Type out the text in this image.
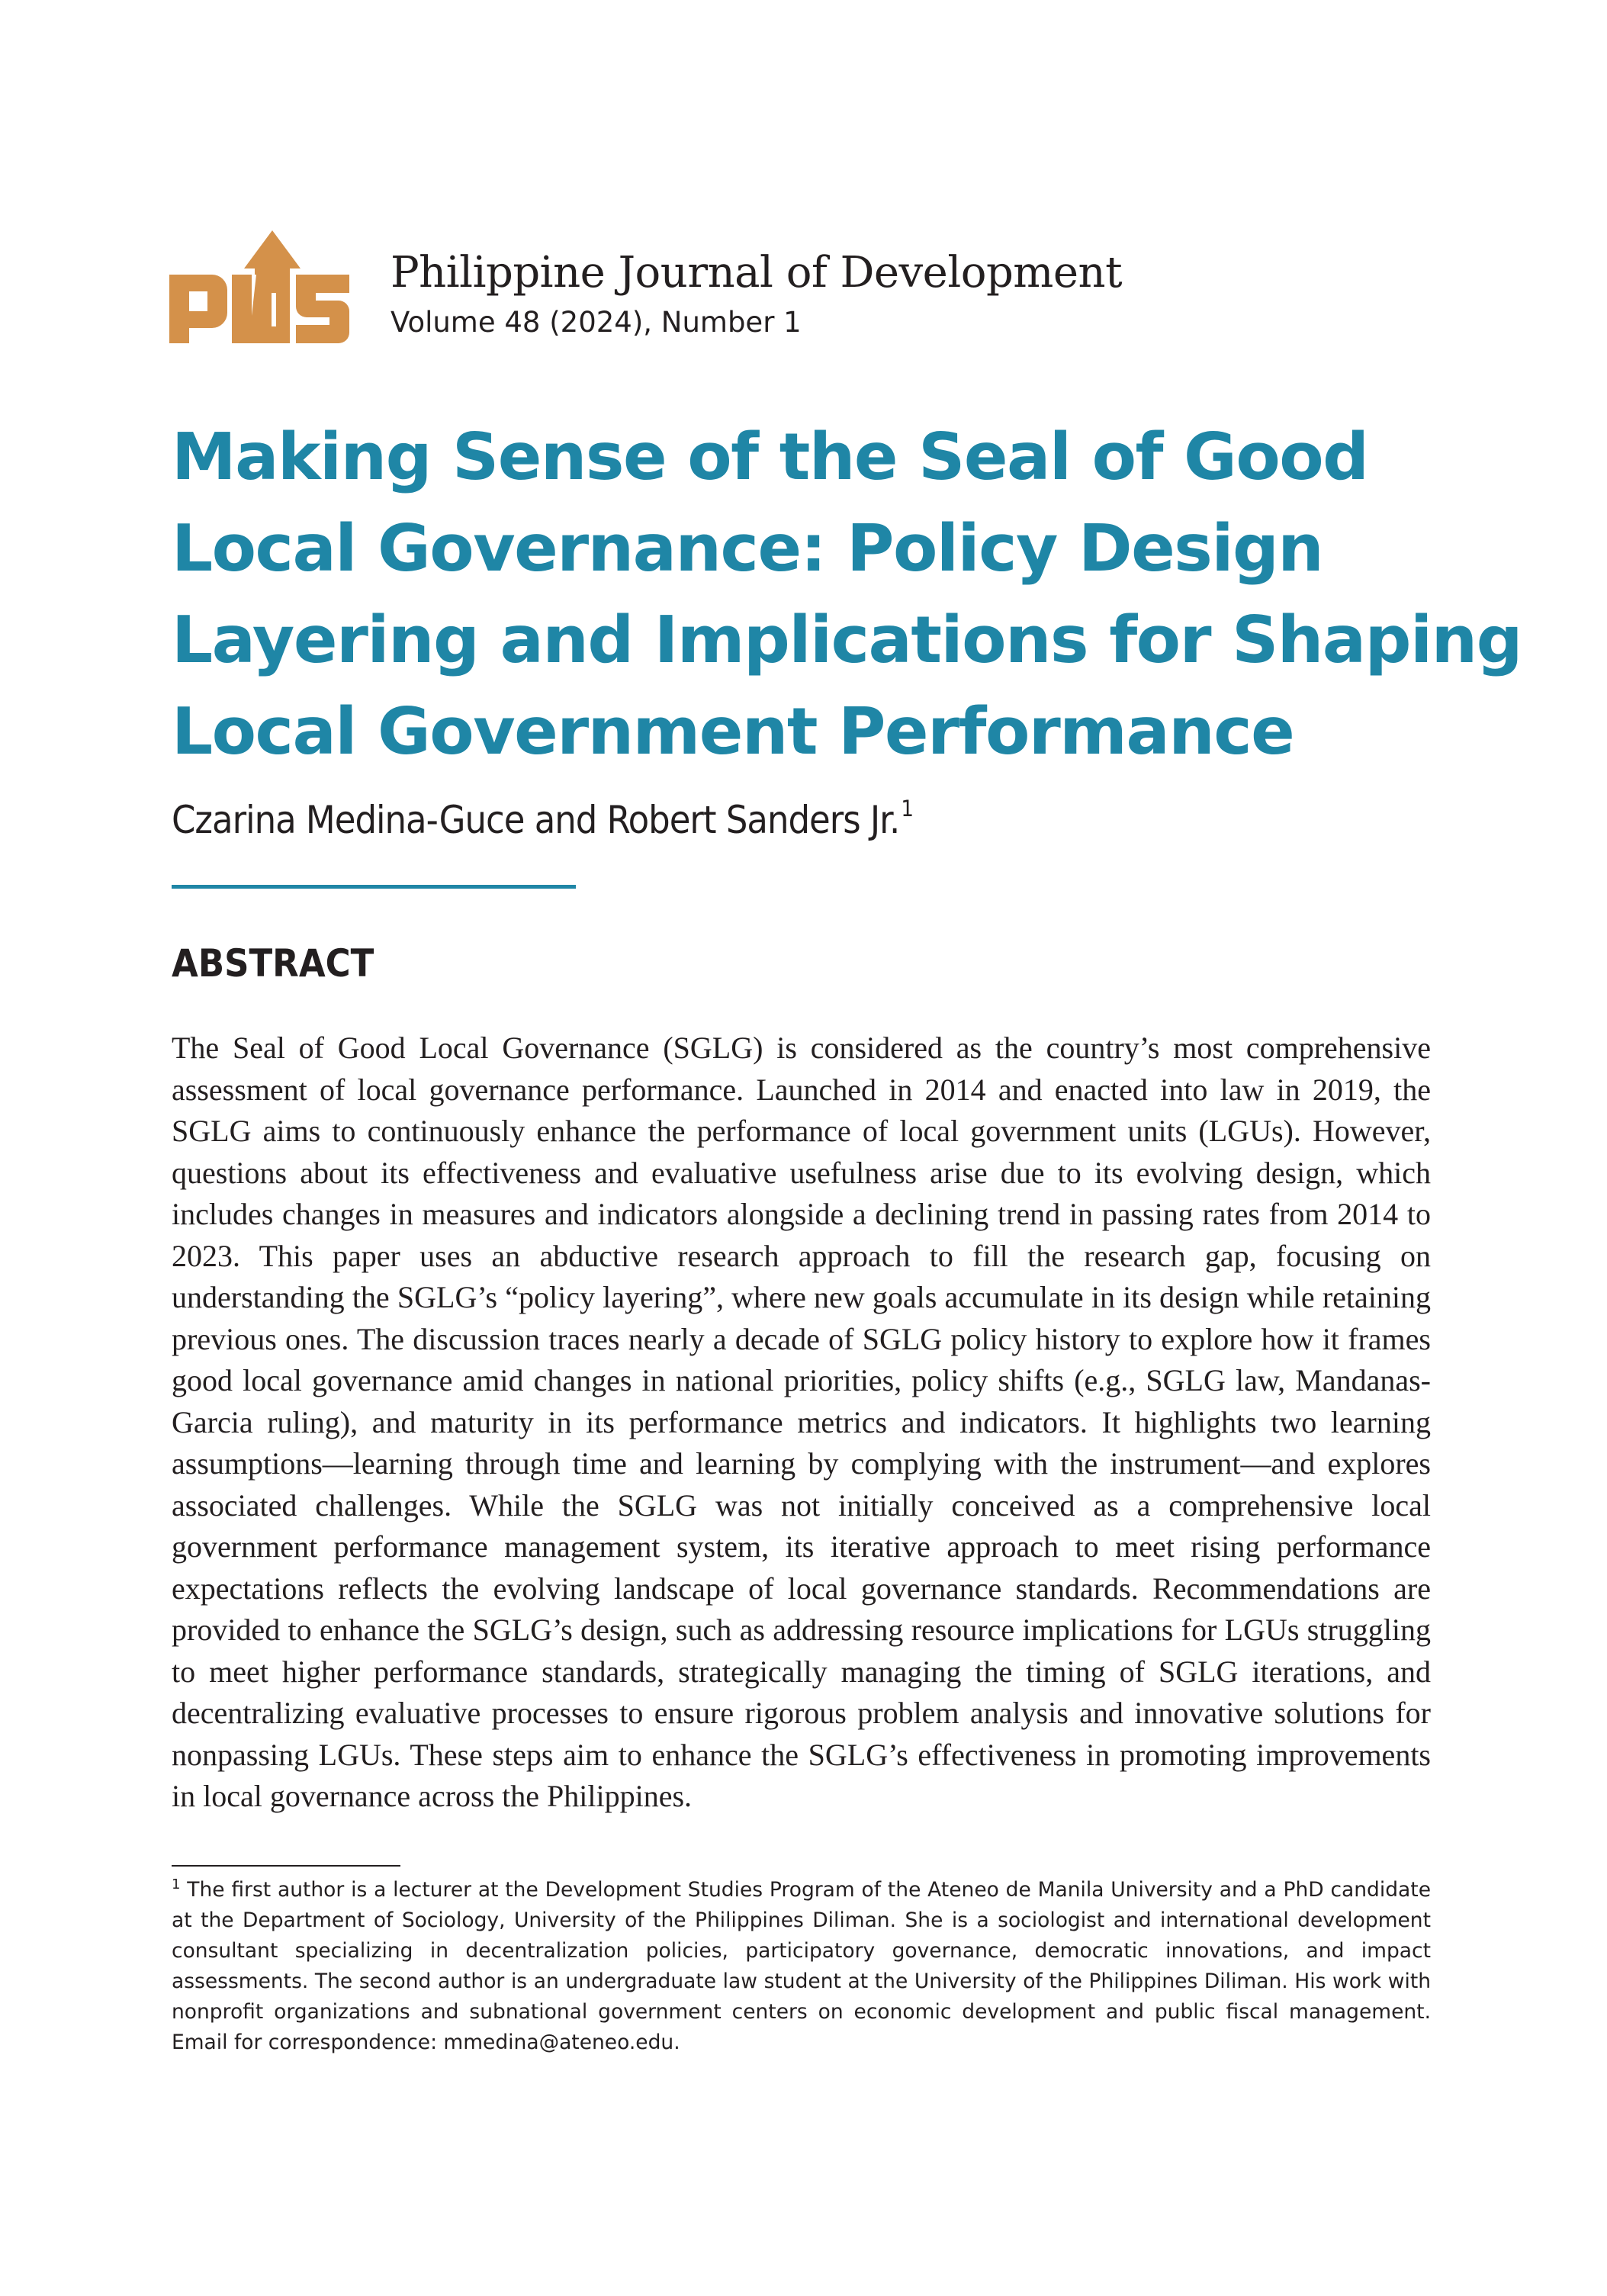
Philippine Journal of Development
Volume 48 (2024), Number 1
Making Sense of the Seal of Good
Local Governance: Policy Design
Layering and Implications for Shaping
Local Government Performance
Czarina Medina-Guce and Robert Sanders Jr.$^1$
ABSTRACT

The Seal of Good Local Governance (SGLG) is considered as the country’s most comprehensive assessment of local governance performance. Launched in 2014 and enacted into law in 2019, the SGLG aims to continuously enhance the performance of local government units (LGUs). However, questions about its effectiveness and evaluative usefulness arise due to its evolving design, which includes changes in measures and indicators alongside a declining trend in passing rates from 2014 to 2023. This paper uses an abductive research approach to fill the research gap, focusing on understanding the SGLG’s “policy layering”, where new goals accumulate in its design while retaining previous ones. The discussion traces nearly a decade of SGLG policy history to explore how it frames good local governance amid changes in national priorities, policy shifts (e.g., SGLG law, Mandanas-Garcia ruling), and maturity in its performance metrics and indicators. It highlights two learning assumptions—learning through time and learning by complying with the instrument—and explores associated challenges. While the SGLG was not initially conceived as a comprehensive local government performance management system, its iterative approach to meet rising performance expectations reflects the evolving landscape of local governance standards. Recommendations are provided to enhance the SGLG’s design, such as addressing resource implications for LGUs struggling to meet higher performance standards, strategically managing the timing of SGLG iterations, and decentralizing evaluative processes to ensure rigorous problem analysis and innovative solutions for nonpassing LGUs. These steps aim to enhance the SGLG’s effectiveness in promoting improvements in local governance across the Philippines.

$^1$ The first author is a lecturer at the Development Studies Program of the Ateneo de Manila University and a PhD candidate at the Department of Sociology, University of the Philippines Diliman. She is a sociologist and international development consultant specializing in decentralization policies, participatory governance, democratic innovations, and impact assessments. The second author is an undergraduate law student at the University of the Philippines Diliman. His work with nonprofit organizations and subnational government centers on economic development and public fiscal management. Email for correspondence: mmedina@ateneo.edu.
